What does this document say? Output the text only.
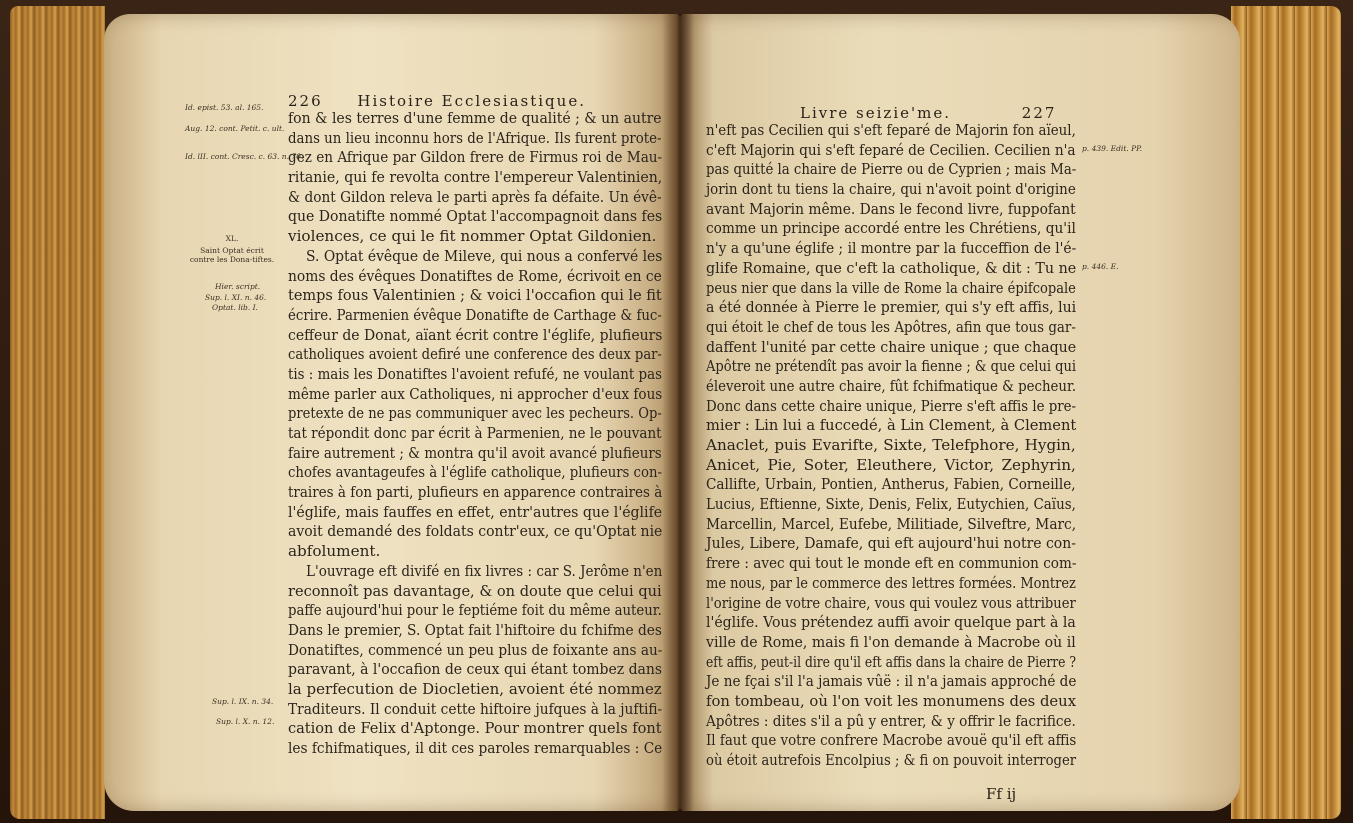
226 Histoire Ecclesiastique.
fon & les terres d'une femme de qualité ; & un autre
dans un lieu inconnu hors de l'Afrique. Ils furent prote-
gez en Afrique par Gildon frere de Firmus roi de Mau-
ritanie, qui fe revolta contre l'empereur Valentinien,
& dont Gildon releva le parti après fa défaite. Un évê-
que Donatifte nommé Optat l'accompagnoit dans fes
violences, ce qui le fit nommer Optat Gildonien.
S. Optat évêque de Mileve, qui nous a confervé les
noms des évêques Donatiftes de Rome, écrivoit en ce
temps fous Valentinien ; & voici l'occafion qui le fit
écrire. Parmenien évêque Donatifte de Carthage & fuc-
ceffeur de Donat, aïant écrit contre l'églife, plufieurs
catholiques avoient defiré une conference des deux par-
tis : mais les Donatiftes l'avoient refufé, ne voulant pas
même parler aux Catholiques, ni approcher d'eux fous
pretexte de ne pas communiquer avec les pecheurs. Op-
tat répondit donc par écrit à Parmenien, ne le pouvant
faire autrement ; & montra qu'il avoit avancé plufieurs
chofes avantageufes à l'églife catholique, plufieurs con-
traires à fon parti, plufieurs en apparence contraires à
l'églife, mais fauffes en effet, entr'autres que l'églife
avoit demandé des foldats contr'eux, ce qu'Optat nie
abfolument.
L'ouvrage eft divifé en fix livres : car S. Jerôme n'en
reconnoît pas davantage, & on doute que celui qui
paffe aujourd'hui pour le feptiéme foit du même auteur.
Dans le premier, S. Optat fait l'hiftoire du fchifme des
Donatiftes, commencé un peu plus de foixante ans au-
paravant, à l'occafion de ceux qui étant tombez dans
la perfecution de Diocletien, avoient été nommez
Traditeurs. Il conduit cette hiftoire jufques à la juftifi-
cation de Felix d'Aptonge. Pour montrer quels font
les fchifmatiques, il dit ces paroles remarquables : Ce
Id. epist. 53. al. 165.
Aug. 12. cont. Petit. c. ult.
Id. lII. cont. Cresc. c. 63. n. 70.
XL.
Saint Optat écrit contre les Dona-tiftes.
Hier. script.
Sup. l. XI. n. 46.
Optat. lib. I.
Sup. l. IX. n. 34.
Sup. l. X. n. 12.
Livre seizie'me.	227
n'eft pas Cecilien qui s'eft feparé de Majorin fon aïeul,
c'eft Majorin qui s'eft feparé de Cecilien. Cecilien n'a
pas quitté la chaire de Pierre ou de Cyprien ; mais Ma-
jorin dont tu tiens la chaire, qui n'avoit point d'origine
avant Majorin même. Dans le fecond livre, fuppofant
comme un principe accordé entre les Chrétiens, qu'il
n'y a qu'une églife ; il montre par la fucceffion de l'é-
glife Romaine, que c'eft la catholique, & dit : Tu ne
peus nier que dans la ville de Rome la chaire épifcopale
a été donnée à Pierre le premier, qui s'y eft affis, lui
qui étoit le chef de tous les Apôtres, afin que tous gar-
daffent l'unité par cette chaire unique ; que chaque
Apôtre ne prétendît pas avoir la fienne ; & que celui qui
éleveroit une autre chaire, fût fchifmatique & pecheur.
Donc dans cette chaire unique, Pierre s'eft affis le pre-
mier : Lin lui a fuccedé, à Lin Clement, à Clement
Anaclet, puis Evarifte, Sixte, Telefphore, Hygin,
Anicet, Pie, Soter, Eleuthere, Victor, Zephyrin,
Callifte, Urbain, Pontien, Antherus, Fabien, Corneille,
Lucius, Eftienne, Sixte, Denis, Felix, Eutychien, Caïus,
Marcellin, Marcel, Eufebe, Militiade, Silveftre, Marc,
Jules, Libere, Damafe, qui eft aujourd'hui notre con-
frere : avec qui tout le monde eft en communion com-
me nous, par le commerce des lettres formées. Montrez
l'origine de votre chaire, vous qui voulez vous attribuer
l'églife. Vous prétendez auffi avoir quelque part à la
ville de Rome, mais fi l'on demande à Macrobe où il
eft affis, peut-il dire qu'il eft affis dans la chaire de Pierre ?
Je ne fçai s'il l'a jamais vûë : il n'a jamais approché de
fon tombeau, où l'on voit les monumens des deux
Apôtres : dites s'il a pû y entrer, & y offrir le facrifice.
Il faut que votre confrere Macrobe avouë qu'il eft affis
où étoit autrefois Encolpius ; & fi on pouvoit interroger
p. 439. Edit. PP.
p. 446. E.
Ff ij
